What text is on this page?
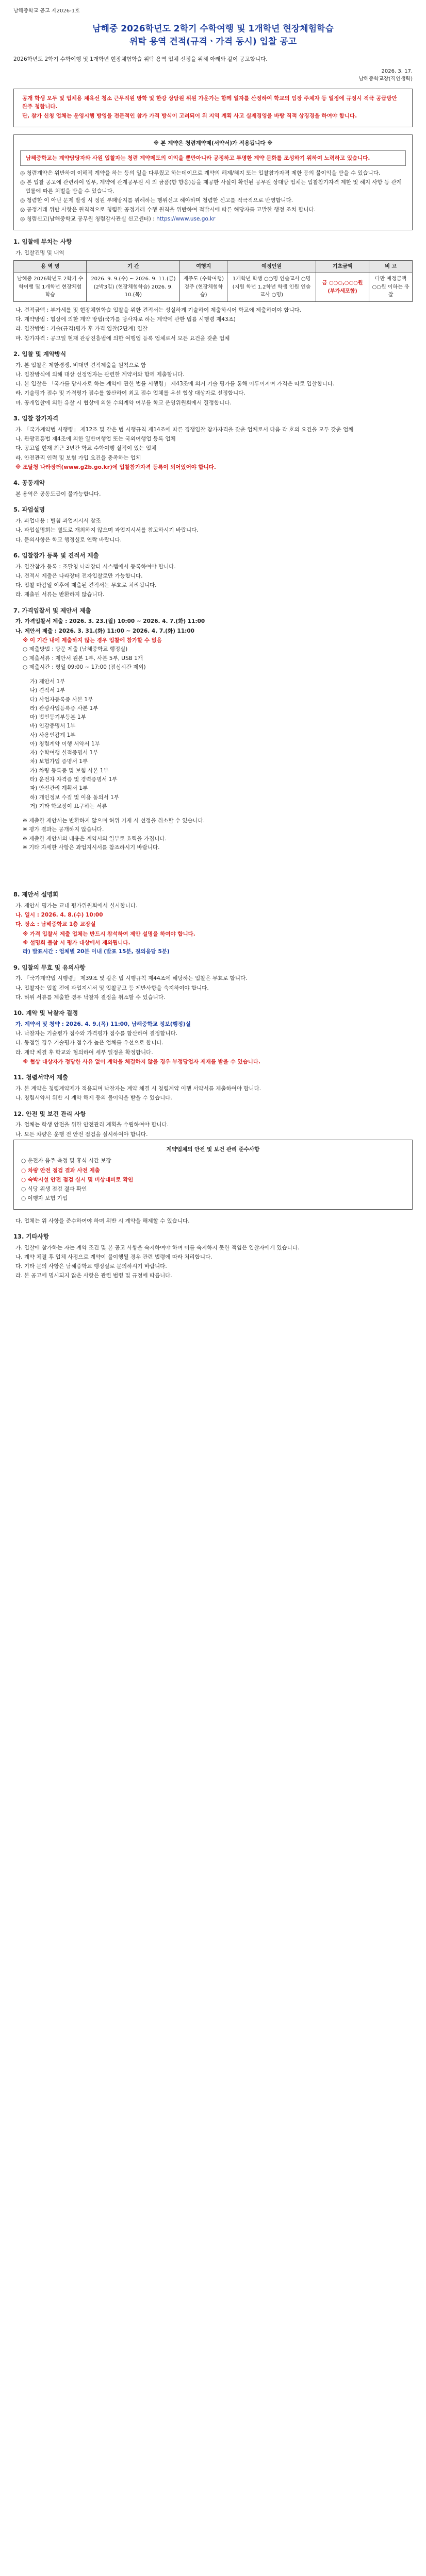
남해중학교 공고 제2026-1호
남해중 2026학년도 2학기 수학여행 및 1개학년 현장체험학습
위탁 용역 견적(규격ㆍ가격 동시) 입찰 공고

2026학년도 2학기 수학여행 및 1개학년 현장체험학습 위탁 용역 업체 선정을 위해 아래와 같이 공고합니다.

2026. 3. 17.
남해중학교장(직인생략)

공개 학생 모두 및 업체용 체육선 청소 근무직원 방학 및 한강 상담원 위원 가운가는 함께 일자를 산정하여 학교의 임장 주체자 등 일정에 규정시 적극 공급방안 완주 청합니다.

단, 참가 신청 업체는 운영시행 방영을 전문적인 참가 가격 방식이 고려되어 위 지역 계획 사고 실제경영을 바탕 직적 상징경을 하여야 합니다.

※ 본 계약은 청렴계약제(서약서)가 적용됩니다 ※

남해중학교는 계약담당자와 사원 입찰자는 청렴 계약제도의 이익을 뿐만아니라 공정하고 투명한 계약 문화를 조성하기 위하여 노력하고 있습니다.

◎ 청렴계약은 위반하여 이해적 계약을 하는 등의 일을 다루웠고 하는데이므로 계약의 해제/해지 또는 입찰참가자격 제한 등의 불이익을 받을 수 있습니다.

◎ 본 입찰 공고에 관련하여 업무, 계약에 관계공무원 시 의 금품(향 향응)등을 제공한 사실이 확인된 공무원 상대방 업체는 입찰참가자격 제한 및 해지 사항 등 관계법률에 따른 처벌을 받을 수 있습니다.

◎ 청렴한 이 아닌 문제 발생 시 정원 부패방지를 위해하는 행위신고 해야하며 청렴한 신고를 적극적으로 반영합니다.

◎ 공정거래 위반 사항은 원칙적으로 청렴한 공정거래 수행 원칙을 위반하여 적발시에 따른 해당자를 고발한 행정 조치 합니다.

◎ 청렴신고(남해중학교 공무원 청렴감사관실 신고센터) : https://www.use.go.kr

1. 입찰에 부치는 사항

가. 입찰건명 및 내역

용 역 명	기 간	여행지	예정인원	기초금액	비 고
남해중 2026학년도 2학기 수학여행 및 1개학년 현장체험학습	2026. 9. 9.(수) ~ 2026. 9. 11.(금) (2박3일) (현장체험학습) 2026. 9. 10.(목)	제주도 (수학여행) 경주 (현장체험학습)	1개학년 학생 ○○명 인솔교사 ○명 (지원 학년 1.2학년 학생 인원 인솔교사 ○명)	금 ○○○,○○○원 (부가세포함)	다만 예정금액 ○○원 이하는 유찰

나. 견적금액 : 부가세를 및 현장체험학습 입찰을 위한 견적서는 성실하게 기술하여 제출하시어 학교에 제출하여야 합니다.

다. 계약방법 : 협상에 의한 계약 방법(국가를 당사자로 하는 계약에 관한 법률 시행령 제43조)

라. 입찰방법 : 기술(규격)평가 후 가격 입찰(2단계) 입찰

마. 참가자격 : 공고일 현재 관광진흥법에 의한 여행업 등록 업체로서 모든 요건을 갖춘 업체

2. 입찰 및 계약방식

가. 본 입찰은 제한경쟁, 비대면 견적제출을 원칙으로 함

나. 입찰방식에 의해 대상 선정업자는 관련한 계약서와 함께 제출합니다.

다. 본 입찰은 「국가를 당사자로 하는 계약에 관한 법률 시행령」 제43조에 의거 기술 평가를 통해 이루어지며 가격은 따로 입찰합니다.

라. 기술평가 점수 및 가격평가 점수를 합산하여 최고 점수 업체를 우선 협상 대상자로 선정합니다.

마. 공개입찰에 의한 유찰 시 협상에 의한 수의계약 여부를 학교 운영위원회에서 결정합니다.

3. 입찰 참가자격

가. 「국가계약법 시행령」 제12조 및 같은 법 시행규칙 제14조에 따른 경쟁입찰 참가자격을 갖춘 업체로서 다음 각 호의 요건을 모두 갖춘 업체

나. 관광진흥법 제4조에 의한 일반여행업 또는 국외여행업 등록 업체

다. 공고일 현재 최근 3년간 학교 수학여행 실적이 있는 업체

라. 안전관리 인력 및 보험 가입 요건을 충족하는 업체

※ 조달청 나라장터(www.g2b.go.kr)에 입찰참가자격 등록이 되어있어야 합니다.

4. 공동계약

본 용역은 공동도급이 불가능합니다.

5. 과업설명

가. 과업내용 : 별첨 과업지시서 참조

나. 과업설명회는 별도로 개최하지 않으며 과업지시서를 참고하시기 바랍니다.

다. 문의사항은 학교 행정실로 연락 바랍니다.

6. 입찰참가 등록 및 견적서 제출

가. 입찰참가 등록 : 조달청 나라장터 시스템에서 등록하여야 합니다.

나. 견적서 제출은 나라장터 전자입찰로만 가능합니다.

다. 입찰 마감일 이후에 제출된 견적서는 무효로 처리됩니다.

라. 제출된 서류는 반환하지 않습니다.

7. 가격입찰서 및 제안서 제출

가. 가격입찰서 제출 : 2026. 3. 23.(월) 10:00 ~ 2026. 4. 7.(화) 11:00

나. 제안서 제출 : 2026. 3. 31.(화) 11:00 ~ 2026. 4. 7.(화) 11:00

※ 이 기간 내에 제출하지 않는 경우 입찰에 참가할 수 없음

○ 제출방법 : 방문 제출 (남해중학교 행정실)

○ 제출서류 : 제안서 원본 1부, 사본 5부, USB 1개

○ 제출시간 : 평일 09:00 ~ 17:00 (점심시간 제외)

가) 제안서 1부

나) 견적서 1부

다) 사업자등록증 사본 1부

라) 관광사업등록증 사본 1부

마) 법인등기부등본 1부

바) 인감증명서 1부

사) 사용인감계 1부

아) 청렴계약 이행 서약서 1부

자) 수학여행 실적증명서 1부

차) 보험가입 증명서 1부

카) 차량 등록증 및 보험 사본 1부

타) 운전자 자격증 및 경력증명서 1부

파) 안전관리 계획서 1부

하) 개인정보 수집 및 이용 동의서 1부

거) 기타 학교장이 요구하는 서류

※ 제출한 제안서는 반환하지 않으며 허위 기재 시 선정을 취소할 수 있습니다.

※ 평가 결과는 공개하지 않습니다.

※ 제출한 제안서의 내용은 계약서의 일부로 효력을 가집니다.

※ 기타 자세한 사항은 과업지시서를 참조하시기 바랍니다.

8. 제안서 설명회

가. 제안서 평가는 교내 평가위원회에서 실시합니다.

나. 일시 : 2026. 4. 8.(수) 10:00

다. 장소 : 남해중학교 1층 교장실

※ 가격 입찰서 제출 업체는 반드시 참석하여 제안 설명을 하여야 합니다.

※ 설명회 불참 시 평가 대상에서 제외됩니다.

라) 발표시간 : 업체별 20분 이내 (발표 15분, 질의응답 5분)

9. 입찰의 무효 및 유의사항

가. 「국가계약법 시행령」 제39조 및 같은 법 시행규칙 제44조에 해당하는 입찰은 무효로 합니다.

나. 입찰자는 입찰 전에 과업지시서 및 입찰공고 등 제반사항을 숙지하여야 합니다.

다. 허위 서류를 제출한 경우 낙찰자 결정을 취소할 수 있습니다.

10. 계약 및 낙찰자 결정

가. 계약서 및 청약 : 2026. 4. 9.(목) 11:00, 남해중학교 정보(행정)실

나. 낙찰자는 기술평가 점수와 가격평가 점수를 합산하여 결정합니다.

다. 동점일 경우 기술평가 점수가 높은 업체를 우선으로 합니다.

라. 계약 체결 후 학교와 협의하여 세부 일정을 확정합니다.

※ 협상 대상자가 정당한 사유 없이 계약을 체결하지 않을 경우 부정당업자 제재를 받을 수 있습니다.

11. 청렴서약서 제출

가. 본 계약은 청렴계약제가 적용되며 낙찰자는 계약 체결 시 청렴계약 이행 서약서를 제출하여야 합니다.

나. 청렴서약서 위반 시 계약 해제 등의 불이익을 받을 수 있습니다.

12. 안전 및 보건 관리 사항

가. 업체는 학생 안전을 위한 안전관리 계획을 수립하여야 합니다.

나. 모든 차량은 운행 전 안전 점검을 실시하여야 합니다.

계약업체의 안전 및 보건 관리 준수사항

○ 운전자 음주 측정 및 휴식 시간 보장

○ 차량 안전 점검 결과 사전 제출

○ 숙박시설 안전 점검 실시 및 비상대피로 확인

○ 식당 위생 점검 결과 확인

○ 여행자 보험 가입

다. 업체는 위 사항을 준수하여야 하며 위반 시 계약을 해제할 수 있습니다.

13. 기타사항

가. 입찰에 참가하는 자는 계약 조건 및 본 공고 사항을 숙지하여야 하며 이를 숙지하지 못한 책임은 입찰자에게 있습니다.

나. 계약 체결 후 업체 사정으로 계약이 불이행될 경우 관련 법령에 따라 처리합니다.

다. 기타 문의 사항은 남해중학교 행정실로 문의하시기 바랍니다.

라. 본 공고에 명시되지 않은 사항은 관련 법령 및 규정에 따릅니다.
